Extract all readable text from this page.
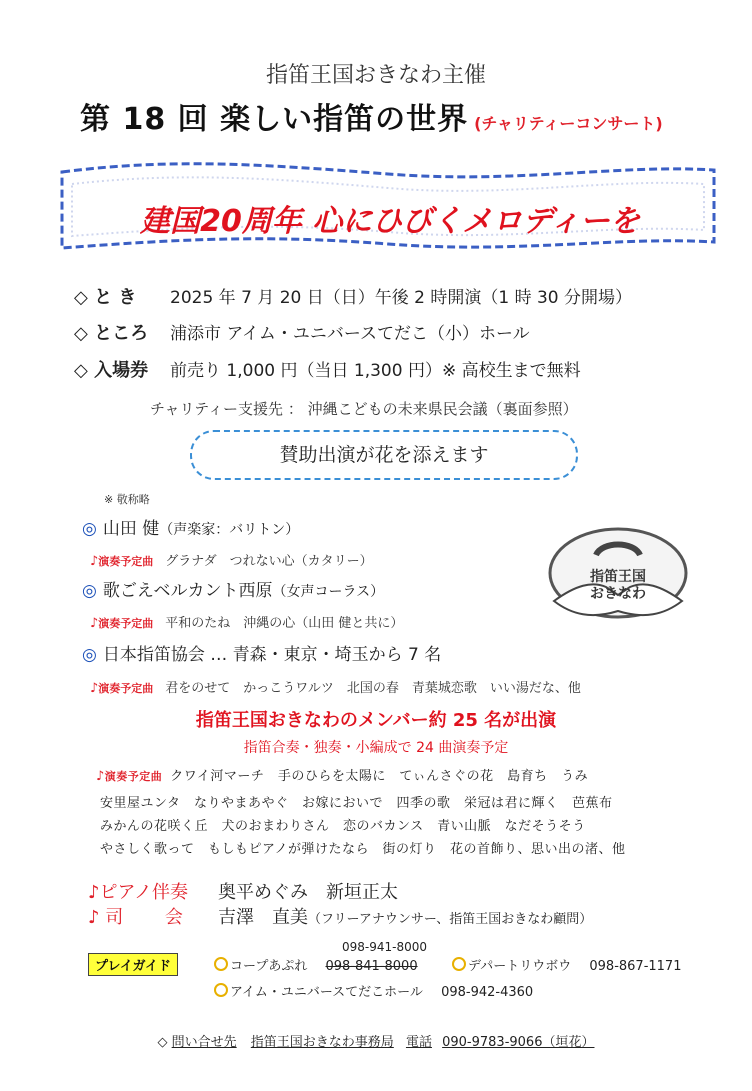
指笛王国おきなわ主催
第 18 回 楽しい指笛の世界 (チャリティーコンサート)
建国20周年 心にひびくメロディーを
◇ と き 2025 年 7 月 20 日（日）午後 2 時開演（1 時 30 分開場）
◇ ところ 浦添市 アイム・ユニバースてだこ（小）ホール
◇ 入場券 前売り 1,000 円（当日 1,300 円）※ 高校生まで無料
チャリティー支援先 ： 沖縄こどもの未来県民会議（裏面参照）
賛助出演が花を添えます
※ 敬称略
◎ 山田 健（声楽家：バリトン）
♪演奏予定曲 グラナダ　つれない心（カタリー）
◎ 歌ごえベルカント西原（女声コーラス）
♪演奏予定曲 平和のたね　沖縄の心（山田 健と共に）
◎ 日本指笛協会 … 青森・東京・埼玉から 7 名
♪演奏予定曲 君をのせて　かっこうワルツ　北国の春　青葉城恋歌　いい湯だな、他
指笛王国
おきなわ
指笛王国おきなわのメンバー約 25 名が出演
指笛合奏・独奏・小編成で 24 曲演奏予定
♪演奏予定曲 クワイ河マーチ　手のひらを太陽に　てぃんさぐの花　島育ち　うみ
安里屋ユンタ　なりやまあやぐ　お嫁においで　四季の歌　栄冠は君に輝く　芭蕉布
みかんの花咲く丘　犬のおまわりさん　恋のバカンス　青い山脈　なだそうそう
やさしく歌って　もしもピアノが弾けたなら　街の灯り　花の首飾り、思い出の渚、他
♪ピアノ伴奏 奥平めぐみ　新垣正太
♪ 司　　 会 吉澤　直美（フリーアナウンサー、指笛王国おきなわ顧問）
プレイガイド
098-941-8000
コープあぷれ 098-841-8000	デパートリウボウ 098-867-1171
アイム・ユニバースてだこホール 098-942-4360
◇ 問い合せ先 指笛王国おきなわ事務局 電話 090-9783-9066（垣花）
